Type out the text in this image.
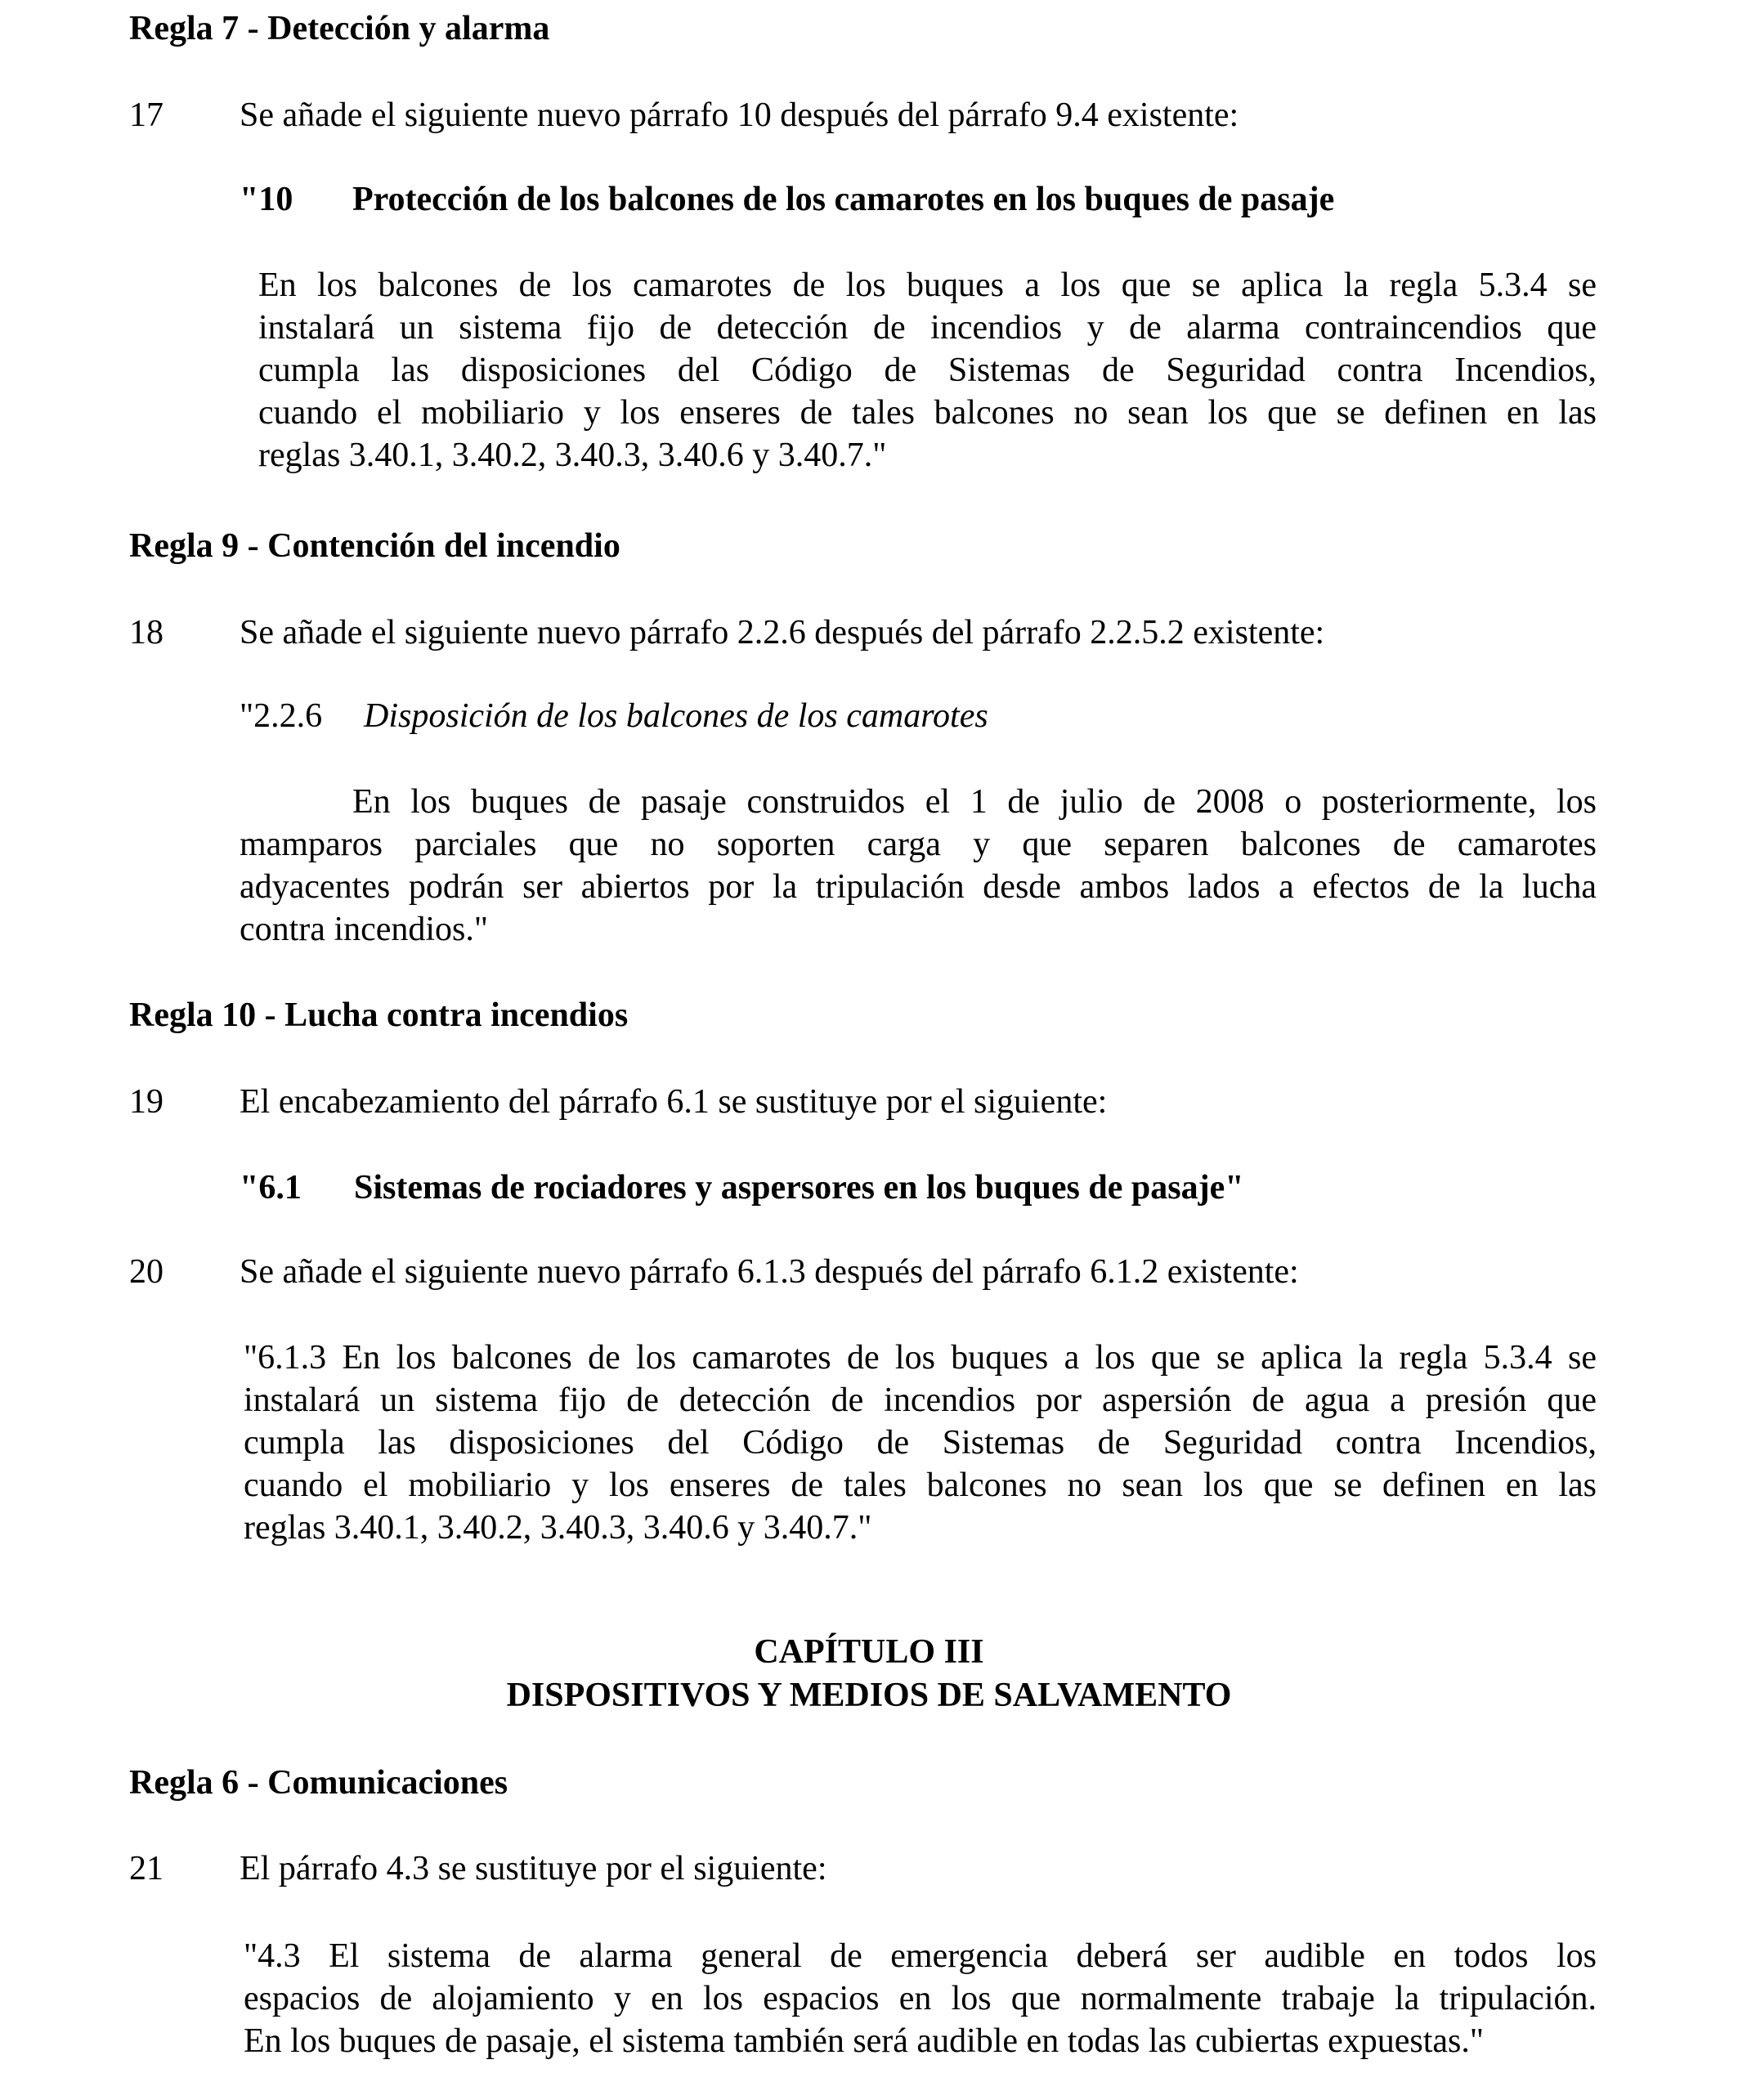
Regla 7 - Detección y alarma
17 Se añade el siguiente nuevo párrafo 10 después del párrafo 9.4 existente:
"10 Protección de los balcones de los camarotes en los buques de pasaje
En los balcones de los camarotes de los buques a los que se aplica la regla 5.3.4 se
instalará un sistema fijo de detección de incendios y de alarma contraincendios que
cumpla las disposiciones del Código de Sistemas de Seguridad contra Incendios,
cuando el mobiliario y los enseres de tales balcones no sean los que se definen en las
reglas 3.40.1, 3.40.2, 3.40.3, 3.40.6 y 3.40.7."
Regla 9 - Contención del incendio
18 Se añade el siguiente nuevo párrafo 2.2.6 después del párrafo 2.2.5.2 existente:
"2.2.6 Disposición de los balcones de los camarotes
En los buques de pasaje construidos el 1 de julio de 2008 o posteriormente, los
mamparos parciales que no soporten carga y que separen balcones de camarotes
adyacentes podrán ser abiertos por la tripulación desde ambos lados a efectos de la lucha
contra incendios."
Regla 10 - Lucha contra incendios
19 El encabezamiento del párrafo 6.1 se sustituye por el siguiente:
"6.1 Sistemas de rociadores y aspersores en los buques de pasaje"
20 Se añade el siguiente nuevo párrafo 6.1.3 después del párrafo 6.1.2 existente:
"6.1.3 En los balcones de los camarotes de los buques a los que se aplica la regla 5.3.4 se
instalará un sistema fijo de detección de incendios por aspersión de agua a presión que
cumpla las disposiciones del Código de Sistemas de Seguridad contra Incendios,
cuando el mobiliario y los enseres de tales balcones no sean los que se definen en las
reglas 3.40.1, 3.40.2, 3.40.3, 3.40.6 y 3.40.7."
CAPÍTULO III
DISPOSITIVOS Y MEDIOS DE SALVAMENTO
Regla 6 - Comunicaciones
21 El párrafo 4.3 se sustituye por el siguiente:
"4.3 El sistema de alarma general de emergencia deberá ser audible en todos los
espacios de alojamiento y en los espacios en los que normalmente trabaje la tripulación.
En los buques de pasaje, el sistema también será audible en todas las cubiertas expuestas."
